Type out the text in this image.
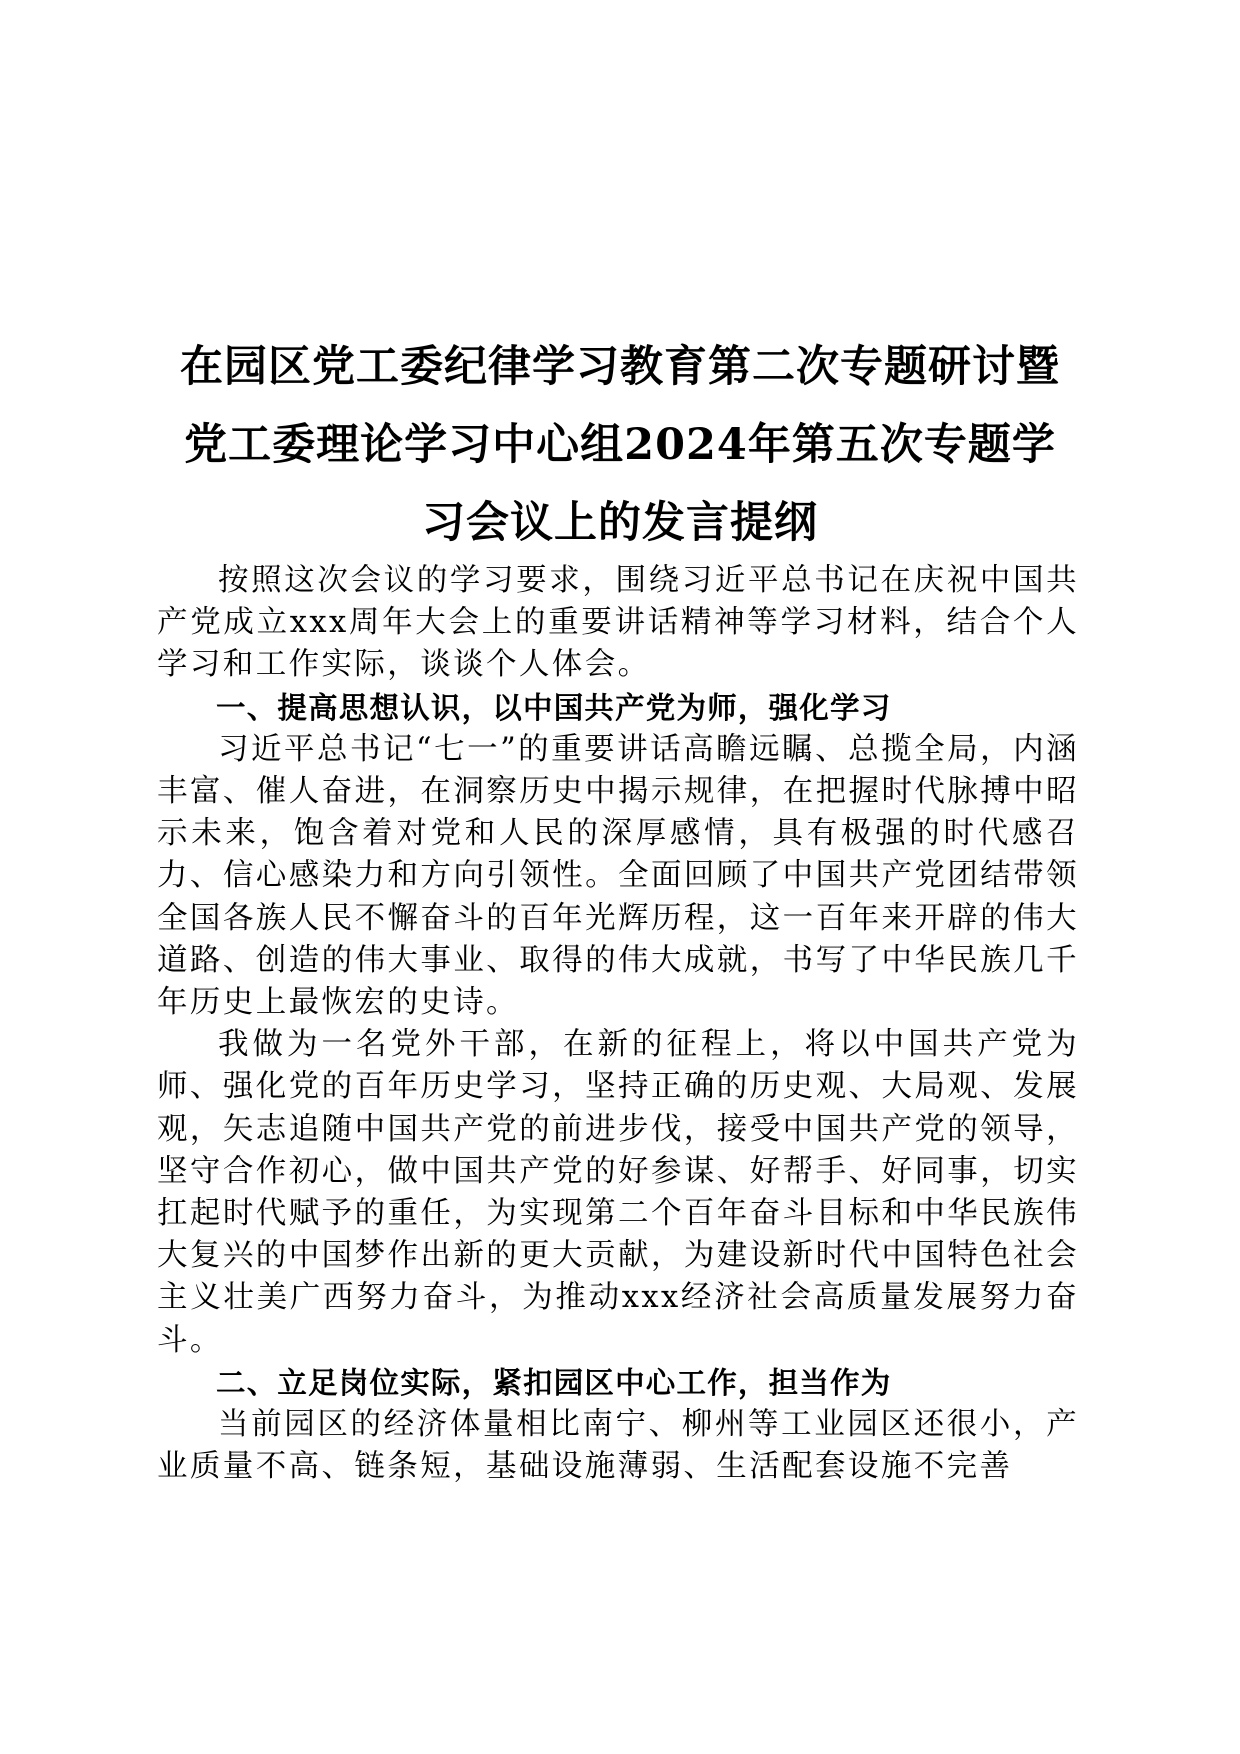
在园区党工委纪律学习教育第二次专题研讨暨
党工委理论学习中心组2024年第五次专题学
习会议上的发言提纲

按照这次会议的学习要求，围绕习近平总书记在庆祝中国共产党成立xxx周年大会上的重要讲话精神等学习材料，结合个人学习和工作实际，谈谈个人体会。

一、提高思想认识，以中国共产党为师，强化学习

习近平总书记“七一”的重要讲话高瞻远瞩、总揽全局，内涵丰富、催人奋进，在洞察历史中揭示规律，在把握时代脉搏中昭示未来，饱含着对党和人民的深厚感情，具有极强的时代感召力、信心感染力和方向引领性。全面回顾了中国共产党团结带领全国各族人民不懈奋斗的百年光辉历程，这一百年来开辟的伟大道路、创造的伟大事业、取得的伟大成就，书写了中华民族几千年历史上最恢宏的史诗。

我做为一名党外干部，在新的征程上，将以中国共产党为师、强化党的百年历史学习，坚持正确的历史观、大局观、发展观，矢志追随中国共产党的前进步伐，接受中国共产党的领导，坚守合作初心，做中国共产党的好参谋、好帮手、好同事，切实扛起时代赋予的重任，为实现第二个百年奋斗目标和中华民族伟大复兴的中国梦作出新的更大贡献，为建设新时代中国特色社会主义壮美广西努力奋斗，为推动xxx经济社会高质量发展努力奋斗。

二、立足岗位实际，紧扣园区中心工作，担当作为

当前园区的经济体量相比南宁、柳州等工业园区还很小，产业质量不高、链条短，基础设施薄弱、生活配套设施不完善
